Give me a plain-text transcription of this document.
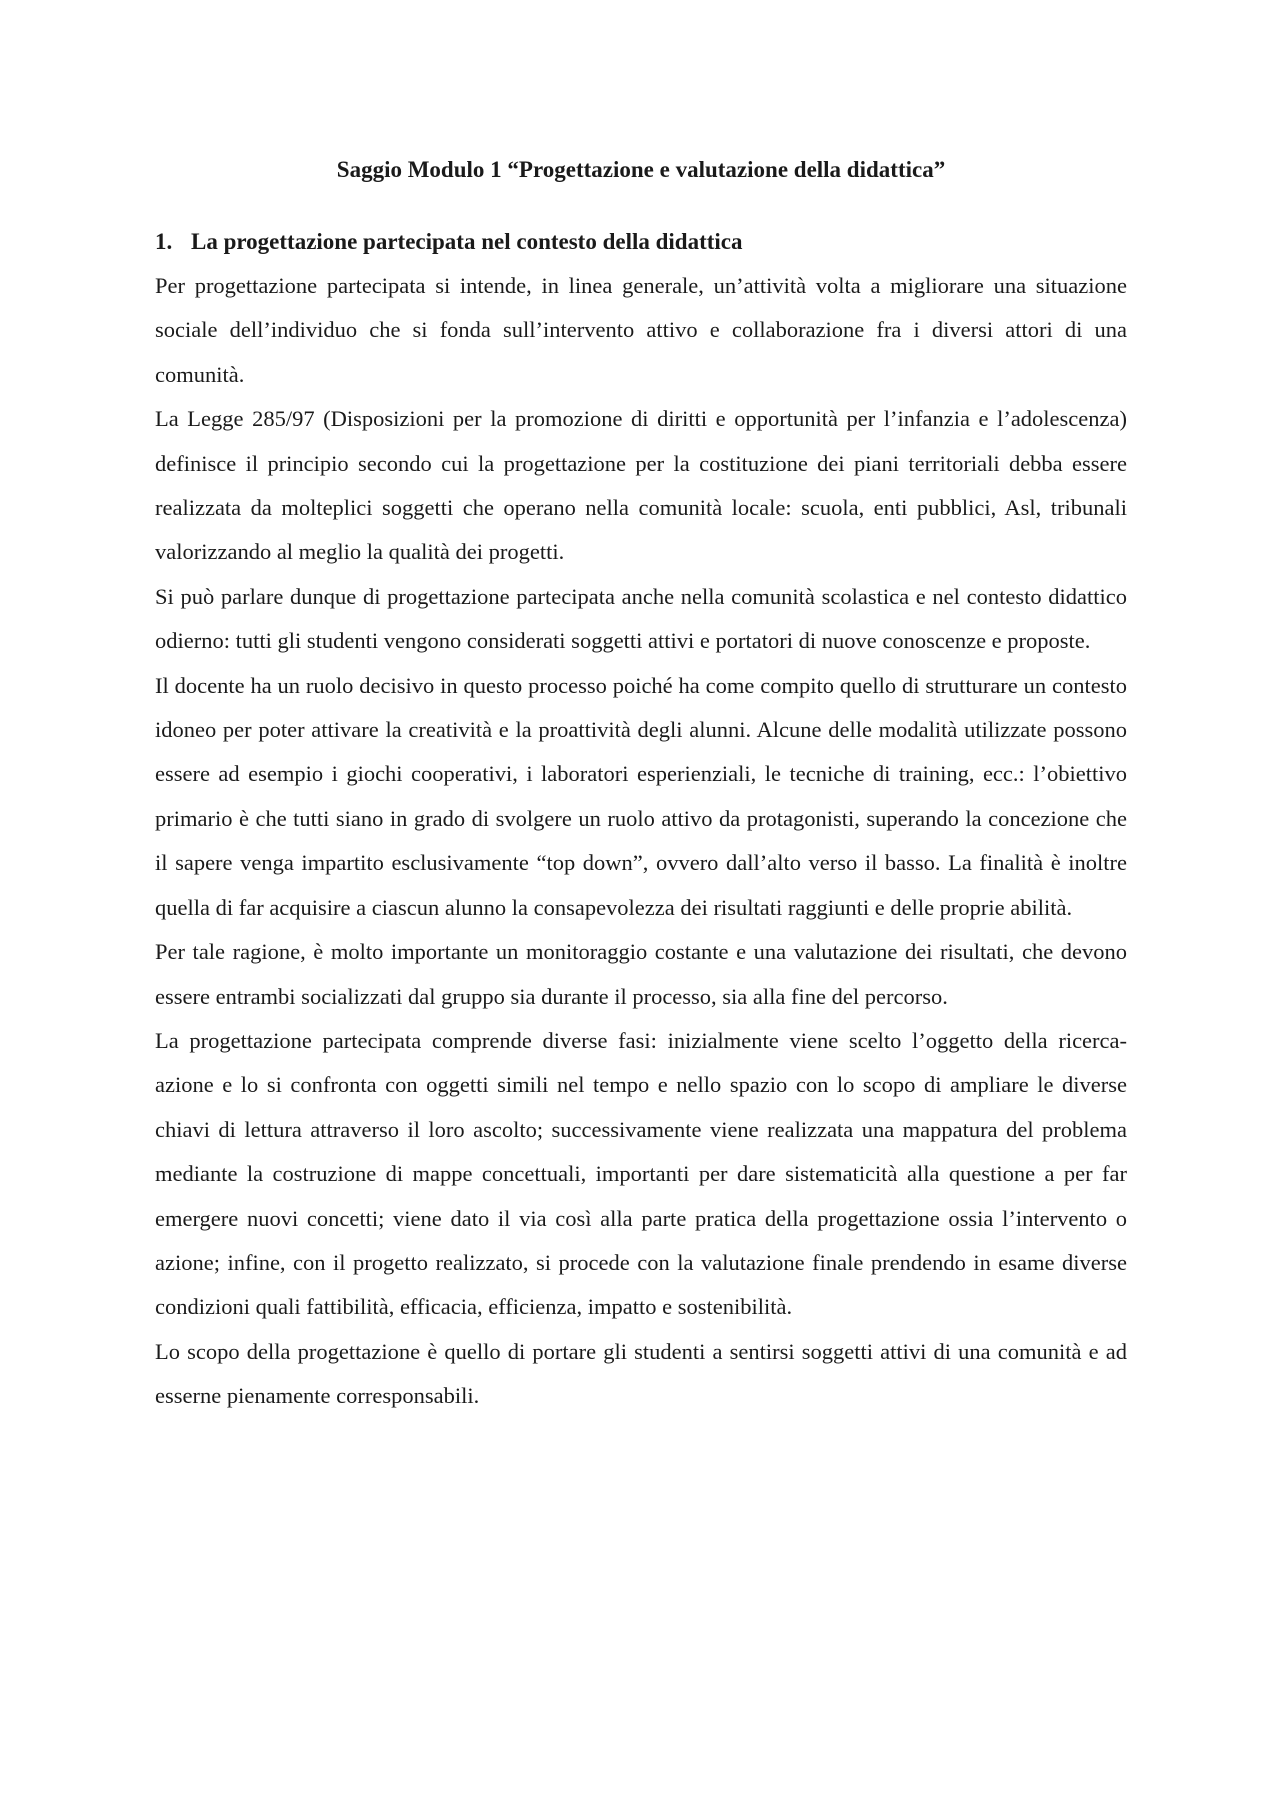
Saggio Modulo 1 “Progettazione e valutazione della didattica”
1. La progettazione partecipata nel contesto della didattica

Per progettazione partecipata si intende, in linea generale, un’attività volta a migliorare una situazione sociale dell’individuo che si fonda sull’intervento attivo e collaborazione fra i diversi attori di una comunità.

La Legge 285/97 (Disposizioni per la promozione di diritti e opportunità per l’infanzia e l’adolescenza) definisce il principio secondo cui la progettazione per la costituzione dei piani territoriali debba essere realizzata da molteplici soggetti che operano nella comunità locale: scuola, enti pubblici, Asl, tribunali valorizzando al meglio la qualità dei progetti.

Si può parlare dunque di progettazione partecipata anche nella comunità scolastica e nel contesto didattico odierno: tutti gli studenti vengono considerati soggetti attivi e portatori di nuove conoscenze e proposte.

Il docente ha un ruolo decisivo in questo processo poiché ha come compito quello di strutturare un contesto idoneo per poter attivare la creatività e la proattività degli alunni. Alcune delle modalità utilizzate possono essere ad esempio i giochi cooperativi, i laboratori esperienziali, le tecniche di training, ecc.: l’obiettivo primario è che tutti siano in grado di svolgere un ruolo attivo da protagonisti, superando la concezione che il sapere venga impartito esclusivamente “top down”, ovvero dall’alto verso il basso. La finalità è inoltre quella di far acquisire a ciascun alunno la consapevolezza dei risultati raggiunti e delle proprie abilità.

Per tale ragione, è molto importante un monitoraggio costante e una valutazione dei risultati, che devono essere entrambi socializzati dal gruppo sia durante il processo, sia alla fine del percorso.

La progettazione partecipata comprende diverse fasi: inizialmente viene scelto l’oggetto della ricerca-azione e lo si confronta con oggetti simili nel tempo e nello spazio con lo scopo di ampliare le diverse chiavi di lettura attraverso il loro ascolto; successivamente viene realizzata una mappatura del problema mediante la costruzione di mappe concettuali, importanti per dare sistematicità alla questione a per far emergere nuovi concetti; viene dato il via così alla parte pratica della progettazione ossia l’intervento o azione; infine, con il progetto realizzato, si procede con la valutazione finale prendendo in esame diverse condizioni quali fattibilità, efficacia, efficienza, impatto e sostenibilità.

Lo scopo della progettazione è quello di portare gli studenti a sentirsi soggetti attivi di una comunità e ad esserne pienamente corresponsabili.
